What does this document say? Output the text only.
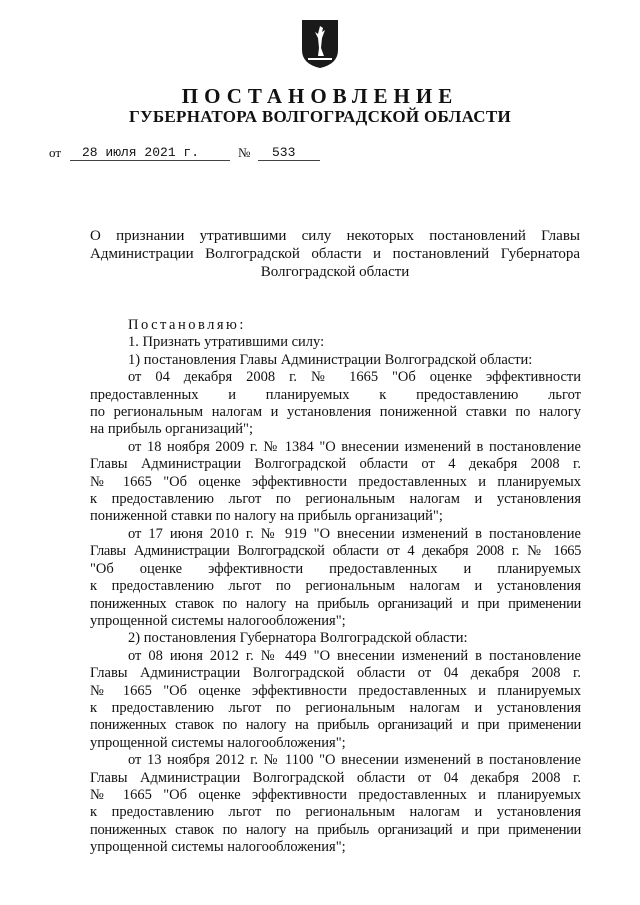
ПОСТАНОВЛЕНИЕ
ГУБЕРНАТОРА ВОЛГОГРАДСКОЙ ОБЛАСТИ
от 28 июля 2021 г.	№ 533
О признании утратившими силу некоторых постановлений Главы
Администрации Волгоградской области и постановлений Губернатора
Волгоградской области

Постановляю:

1. Признать утратившими силу:

1) постановления Главы Администрации Волгоградской области:

от 04 декабря 2008 г. № 1665 "Об оценке эффективности
предоставленных и планируемых к предоставлению льгот
по региональным налогам и установления пониженной ставки по налогу
на прибыль организаций";

от 18 ноября 2009 г. № 1384 "О внесении изменений в постановление
Главы Администрации Волгоградской области от 4 декабря 2008 г.
№ 1665 "Об оценке эффективности предоставленных и планируемых
к предоставлению льгот по региональным налогам и установления
пониженной ставки по налогу на прибыль организаций";

от 17 июня 2010 г. № 919 "О внесении изменений в постановление
Главы Администрации Волгоградской области от 4 декабря 2008 г. № 1665
"Об оценке эффективности предоставленных и планируемых
к предоставлению льгот по региональным налогам и установления
пониженных ставок по налогу на прибыль организаций и при применении
упрощенной системы налогообложения";

2) постановления Губернатора Волгоградской области:

от 08 июня 2012 г. № 449 "О внесении изменений в постановление
Главы Администрации Волгоградской области от 04 декабря 2008 г.
№ 1665 "Об оценке эффективности предоставленных и планируемых
к предоставлению льгот по региональным налогам и установления
пониженных ставок по налогу на прибыль организаций и при применении
упрощенной системы налогообложения";

от 13 ноября 2012 г. № 1100 "О внесении изменений в постановление
Главы Администрации Волгоградской области от 04 декабря 2008 г.
№ 1665 "Об оценке эффективности предоставленных и планируемых
к предоставлению льгот по региональным налогам и установления
пониженных ставок по налогу на прибыль организаций и при применении
упрощенной системы налогообложения";
